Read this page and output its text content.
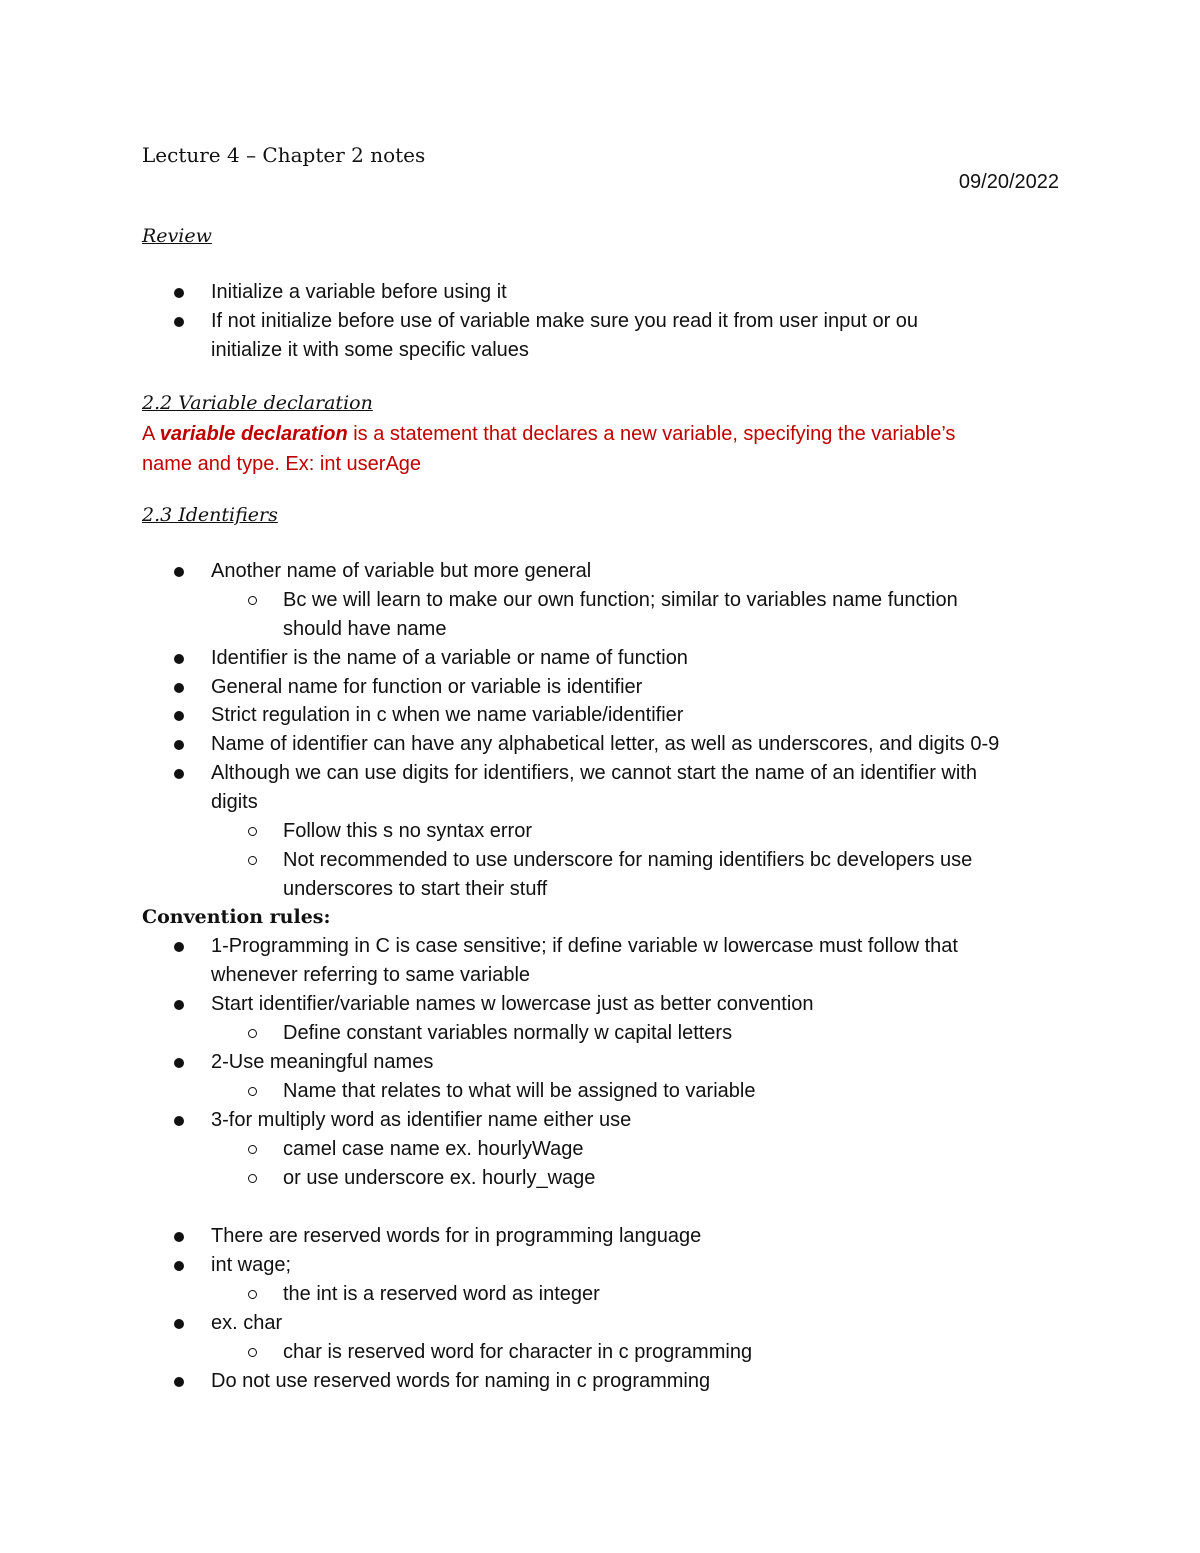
Lecture 4 – Chapter 2 notes
09/20/2022
Review
Initialize a variable before using it
If not initialize before use of variable make sure you read it from user input or ou
initialize it with some specific values
2.2 Variable declaration
A variable declaration is a statement that declares a new variable, specifying the variable’s
name and type. Ex: int userAge
2.3 Identifiers
Another name of variable but more general
Bc we will learn to make our own function; similar to variables name function
should have name
Identifier is the name of a variable or name of function
General name for function or variable is identifier
Strict regulation in c when we name variable/identifier
Name of identifier can have any alphabetical letter, as well as underscores, and digits 0-9
Although we can use digits for identifiers, we cannot start the name of an identifier with
digits
Follow this s no syntax error
Not recommended to use underscore for naming identifiers bc developers use
underscores to start their stuff
Convention rules:
1-Programming in C is case sensitive; if define variable w lowercase must follow that
whenever referring to same variable
Start identifier/variable names w lowercase just as better convention
Define constant variables normally w capital letters
2-Use meaningful names
Name that relates to what will be assigned to variable
3-for multiply word as identifier name either use
camel case name ex. hourlyWage
or use underscore ex. hourly_wage
There are reserved words for in programming language
int wage;
the int is a reserved word as integer
ex. char
char is reserved word for character in c programming
Do not use reserved words for naming in c programming
